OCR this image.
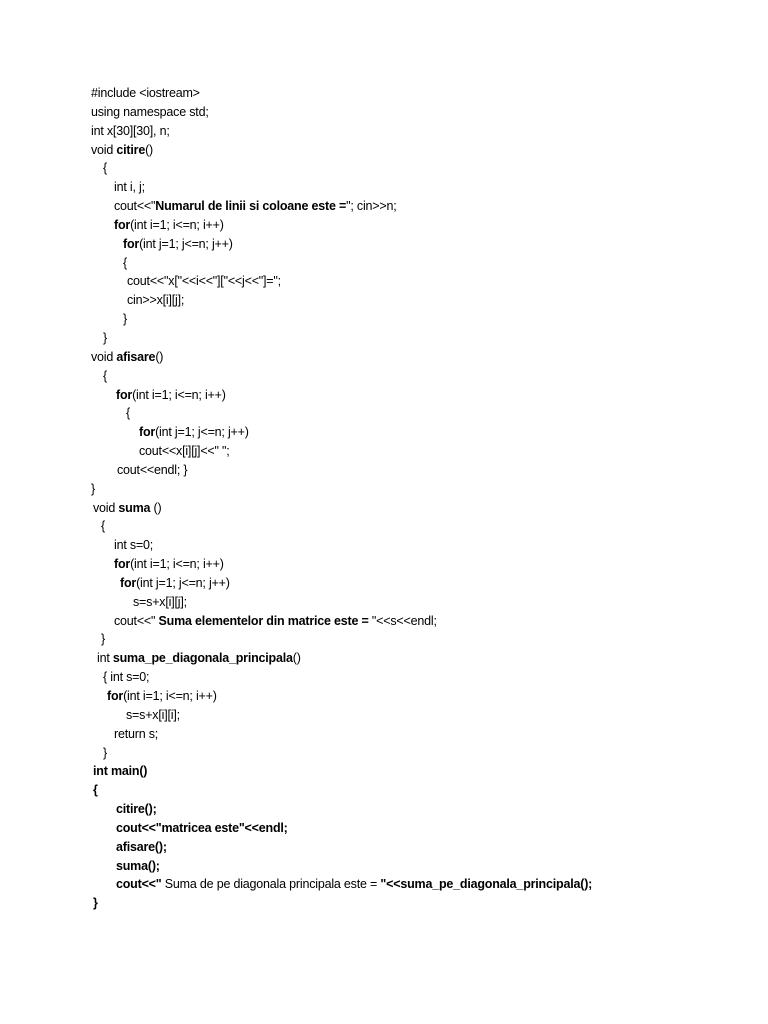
#include <iostream>
using namespace std;
int x[30][30], n;
void citire()
{
int i, j;
cout<<"Numarul de linii si coloane este ="; cin>>n;
for(int i=1; i<=n; i++)
for(int j=1; j<=n; j++)
{
cout<<"x["<<i<<"]["<<j<<"]=";
cin>>x[i][j];
}
}
void afisare()
{
for(int i=1; i<=n; i++)
{
for(int j=1; j<=n; j++)
cout<<x[i][j]<<" ";
cout<<endl; }
}
void suma ()
{
int s=0;
for(int i=1; i<=n; i++)
for(int j=1; j<=n; j++)
s=s+x[i][j];
cout<<" Suma elementelor din matrice este = "<<s<<endl;
}
int suma_pe_diagonala_principala()
{ int s=0;
for(int i=1; i<=n; i++)
s=s+x[i][i];
return s;
}
int main()
{
citire();
cout<<"matricea este"<<endl;
afisare();
suma();
cout<<" Suma de pe diagonala principala este = "<<suma_pe_diagonala_principala();
}
